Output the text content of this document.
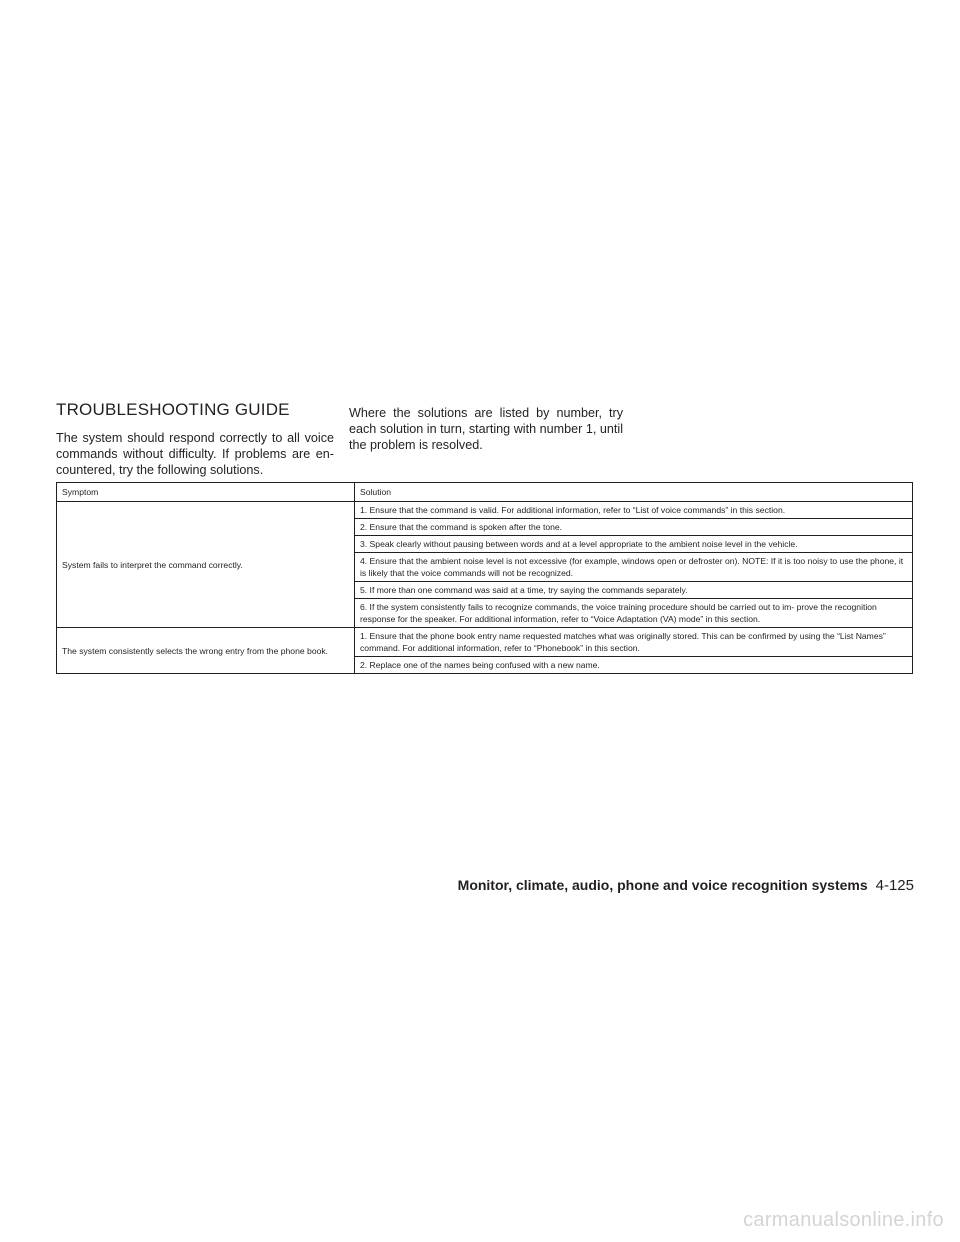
TROUBLESHOOTING GUIDE

The system should respond correctly to all voice commands without difficulty. If problems are en- countered, try the following solutions.

Where the solutions are listed by number, try each solution in turn, starting with number 1, until the problem is resolved.

Symptom	Solution
System fails to interpret the command correctly.	1. Ensure that the command is valid. For additional information, refer to “List of voice commands” in this section.
	2. Ensure that the command is spoken after the tone.
	3. Speak clearly without pausing between words and at a level appropriate to the ambient noise level in the vehicle.
	4. Ensure that the ambient noise level is not excessive (for example, windows open or defroster on). NOTE: If it is too noisy to use the phone, it is likely that the voice commands will not be recognized.
	5. If more than one command was said at a time, try saying the commands separately.
	6. If the system consistently fails to recognize commands, the voice training procedure should be carried out to im- prove the recognition response for the speaker. For additional information, refer to “Voice Adaptation (VA) mode” in this section.
The system consistently selects the wrong entry from the phone book.	1. Ensure that the phone book entry name requested matches what was originally stored. This can be confirmed by using the “List Names” command. For additional information, refer to “Phonebook” in this section.
	2. Replace one of the names being confused with a new name.
Monitor, climate, audio, phone and voice recognition systems 4-125
carmanualsonline.info
